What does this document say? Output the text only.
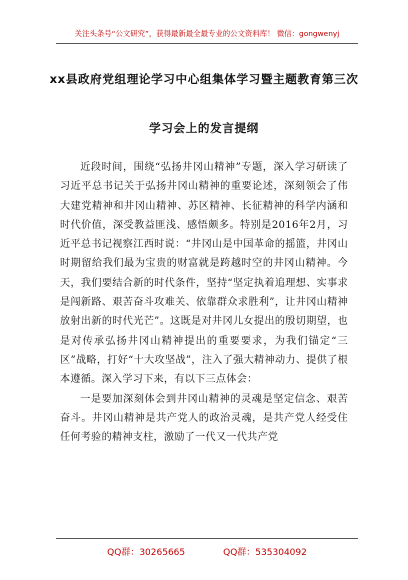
关注头条号“公文研究”，获得最新最全最专业的公文资料库！ 微信：gongwenyj
xx县政府党组理论学习中心组集体学习暨主题教育第三次
学习会上的发言提纲

近段时间，围绕“弘扬井冈山精神”专题，深入学习研读了习近平总书记关于弘扬井冈山精神的重要论述，深刻领会了伟大建党精神和井冈山精神、苏区精神、长征精神的科学内涵和时代价值，深受教益匪浅、感悟颇多。特别是2016年2月，习近平总书记视察江西时说：“井冈山是中国革命的摇篮，井冈山时期留给我们最为宝贵的财富就是跨越时空的井冈山精神。今天，我们要结合新的时代条件，坚持“坚定执着追理想、实事求是闯新路、艰苦奋斗攻难关、依靠群众求胜利”，让井冈山精神放射出新的时代光芒”。这既是对井冈儿女提出的殷切期望，也是对传承弘扬井冈山精神提出的重要要求，为我们锚定“三区”战略，打好“十大攻坚战”，注入了强大精神动力、提供了根本遵循。深入学习下来，有以下三点体会：

一是要加深刻体会到井冈山精神的灵魂是坚定信念、艰苦奋斗。井冈山精神是共产党人的政治灵魂，是共产党人经受住任何考验的精神支柱，激励了一代又一代共产党

QQ群：30265665	QQ群：535304092
